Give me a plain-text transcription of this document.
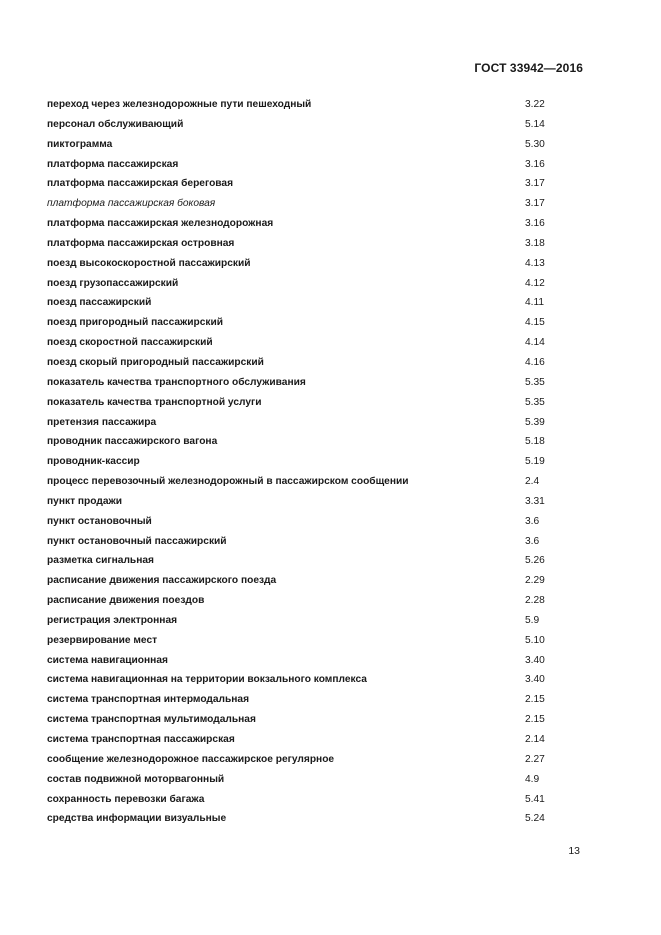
ГОСТ 33942—2016
переход через железнодорожные пути пешеходный	3.22
персонал обслуживающий	5.14
пиктограмма	5.30
платформа пассажирская	3.16
платформа пассажирская береговая	3.17
платформа пассажирская боковая	3.17
платформа пассажирская железнодорожная	3.16
платформа пассажирская островная	3.18
поезд высокоскоростной пассажирский	4.13
поезд грузопассажирский	4.12
поезд пассажирский	4.11
поезд пригородный пассажирский	4.15
поезд скоростной пассажирский	4.14
поезд скорый пригородный пассажирский	4.16
показатель качества транспортного обслуживания	5.35
показатель качества транспортной услуги	5.35
претензия пассажира	5.39
проводник пассажирского вагона	5.18
проводник-кассир	5.19
процесс перевозочный железнодорожный в пассажирском сообщении	2.4
пункт продажи	3.31
пункт остановочный	3.6
пункт остановочный пассажирский	3.6
разметка сигнальная	5.26
расписание движения пассажирского поезда	2.29
расписание движения поездов	2.28
регистрация электронная	5.9
резервирование мест	5.10
система навигационная	3.40
система навигационная на территории вокзального комплекса	3.40
система транспортная интермодальная	2.15
система транспортная мультимодальная	2.15
система транспортная пассажирская	2.14
сообщение железнодорожное пассажирское регулярное	2.27
состав подвижной моторвагонный	4.9
сохранность перевозки багажа	5.41
средства информации визуальные	5.24
13
